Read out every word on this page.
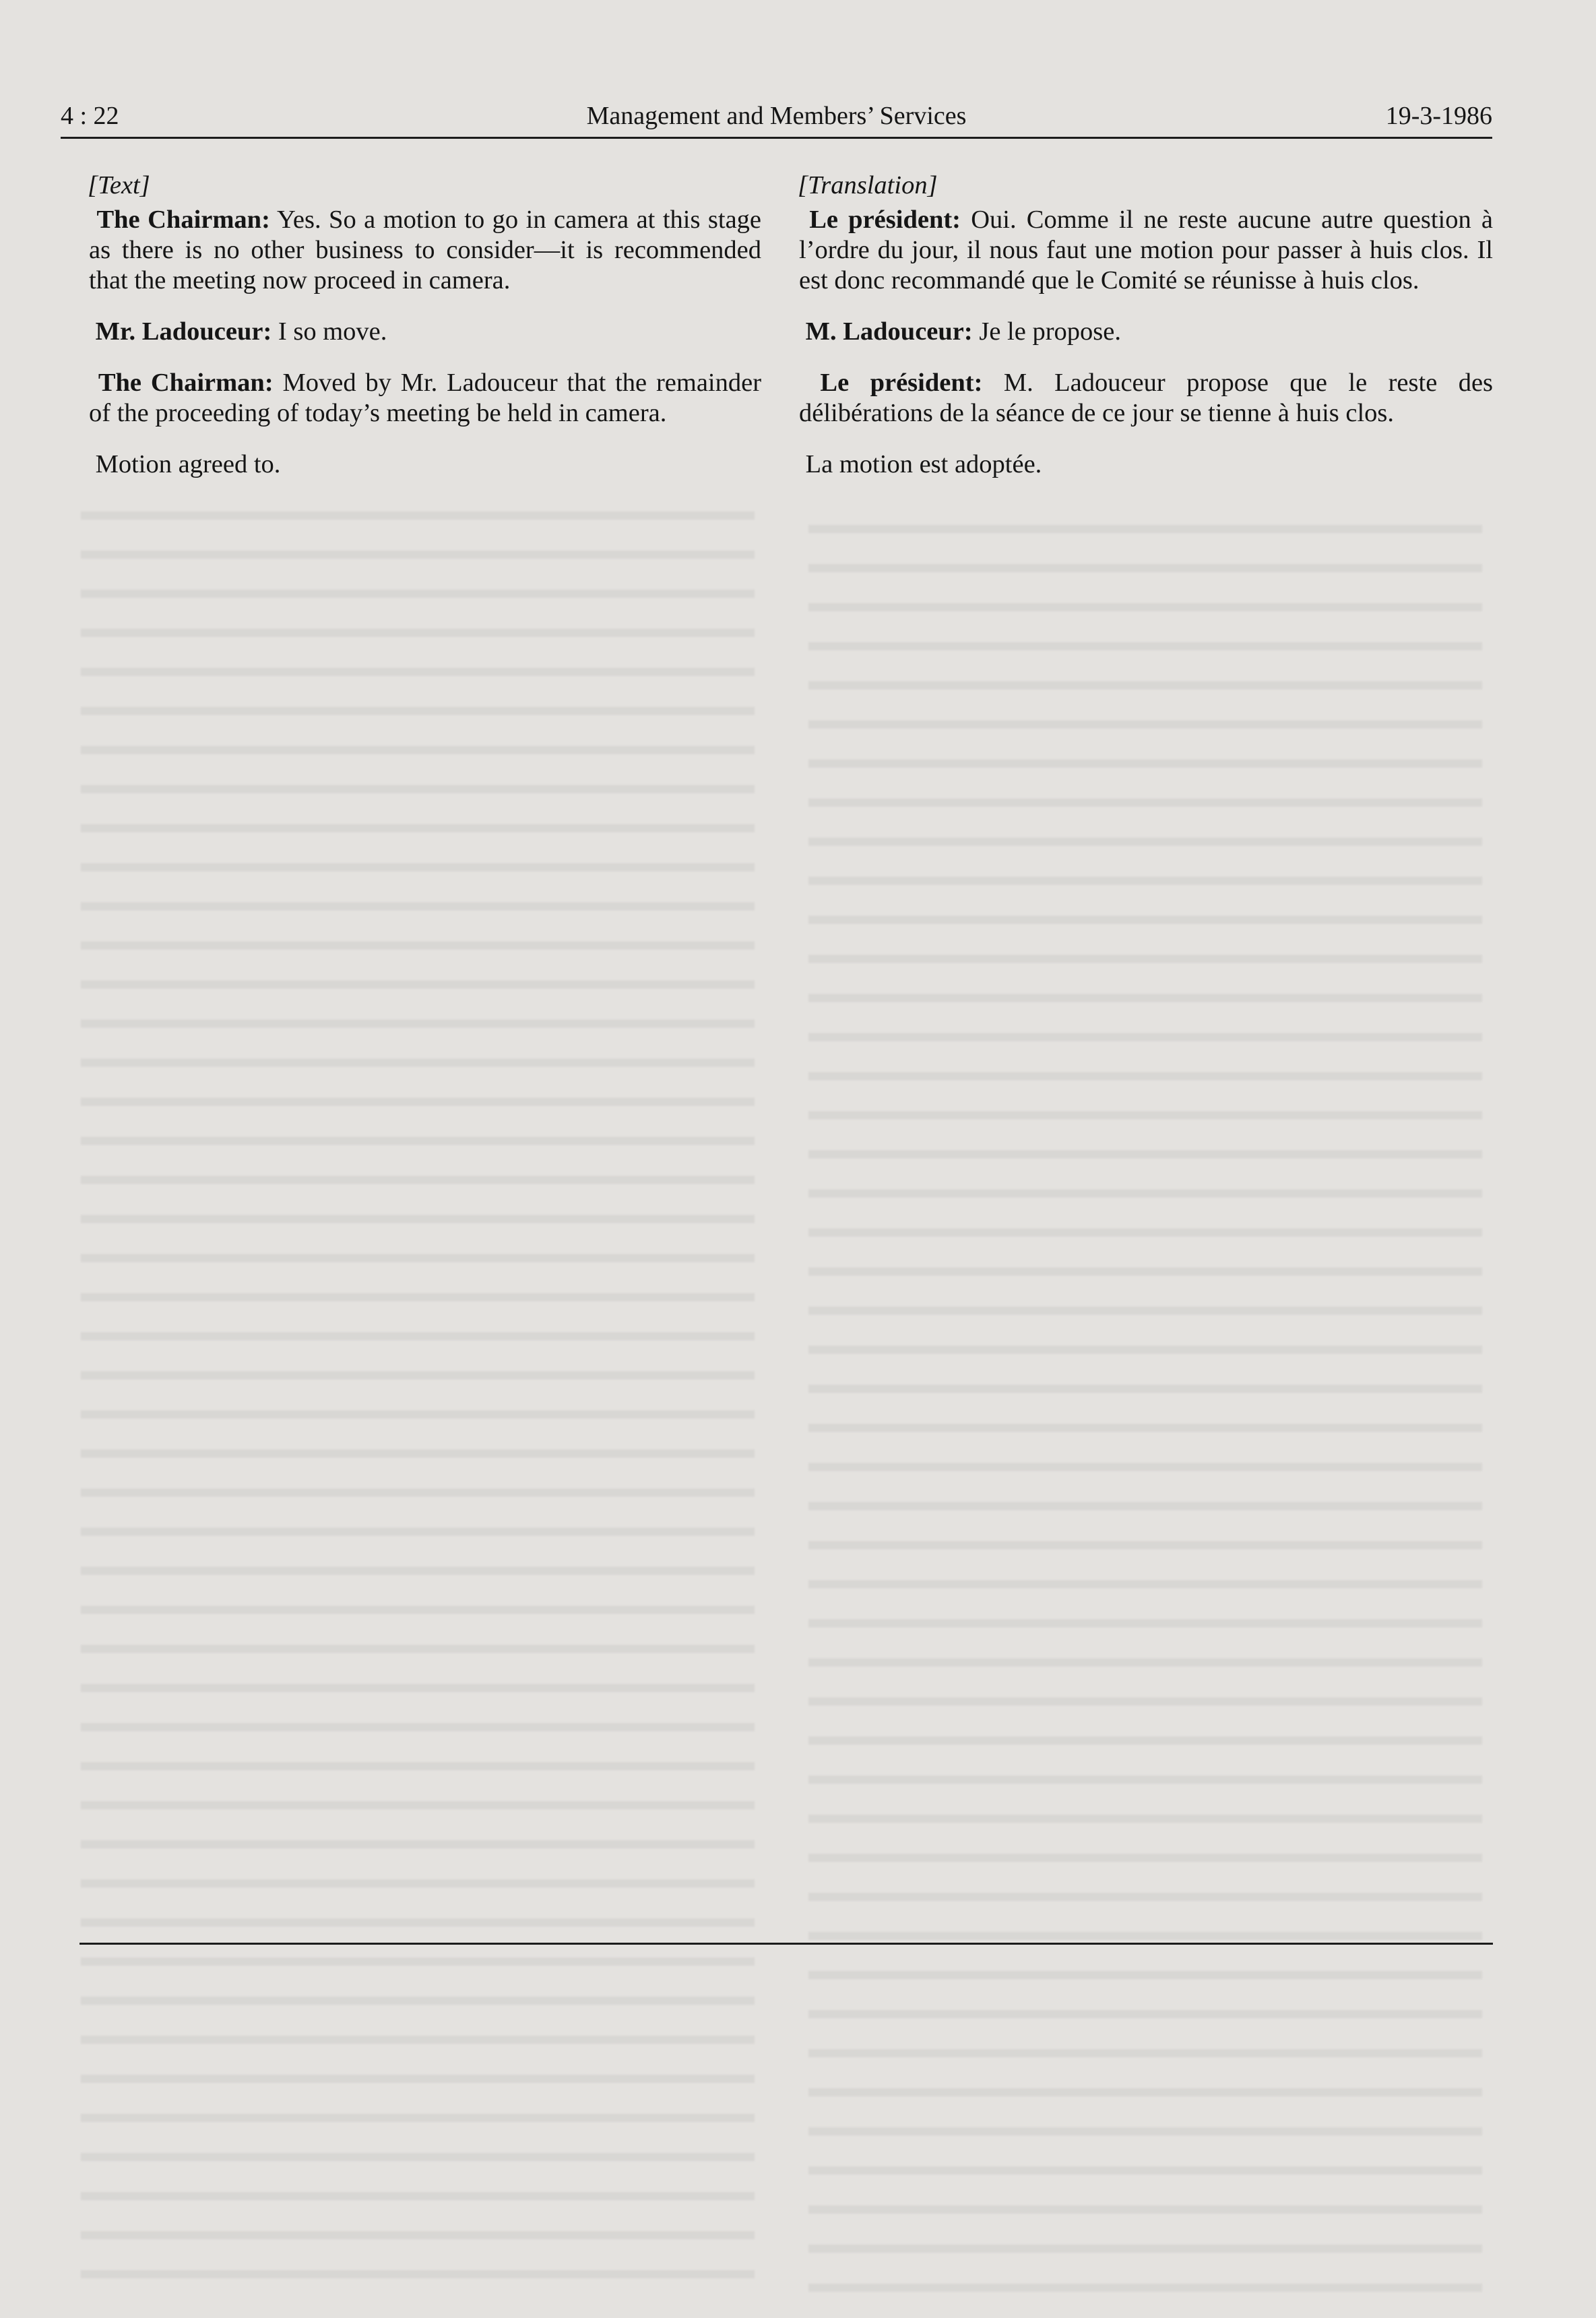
4 : 22	Management and Members’ Services	19-3-1986
[Text]

The Chairman: Yes. So a motion to go in camera at this stage as there is no other business to consider—it is recommended that the meeting now proceed in camera.

Mr. Ladouceur: I so move.

The Chairman: Moved by Mr. Ladouceur that the remainder of the proceeding of today’s meeting be held in camera.

Motion agreed to.

[Translation]

Le président: Oui. Comme il ne reste aucune autre question à l’ordre du jour, il nous faut une motion pour passer à huis clos. Il est donc recommandé que le Comité se réunisse à huis clos.

M. Ladouceur: Je le propose.

Le président: M. Ladouceur propose que le reste des délibérations de la séance de ce jour se tienne à huis clos.

La motion est adoptée.
